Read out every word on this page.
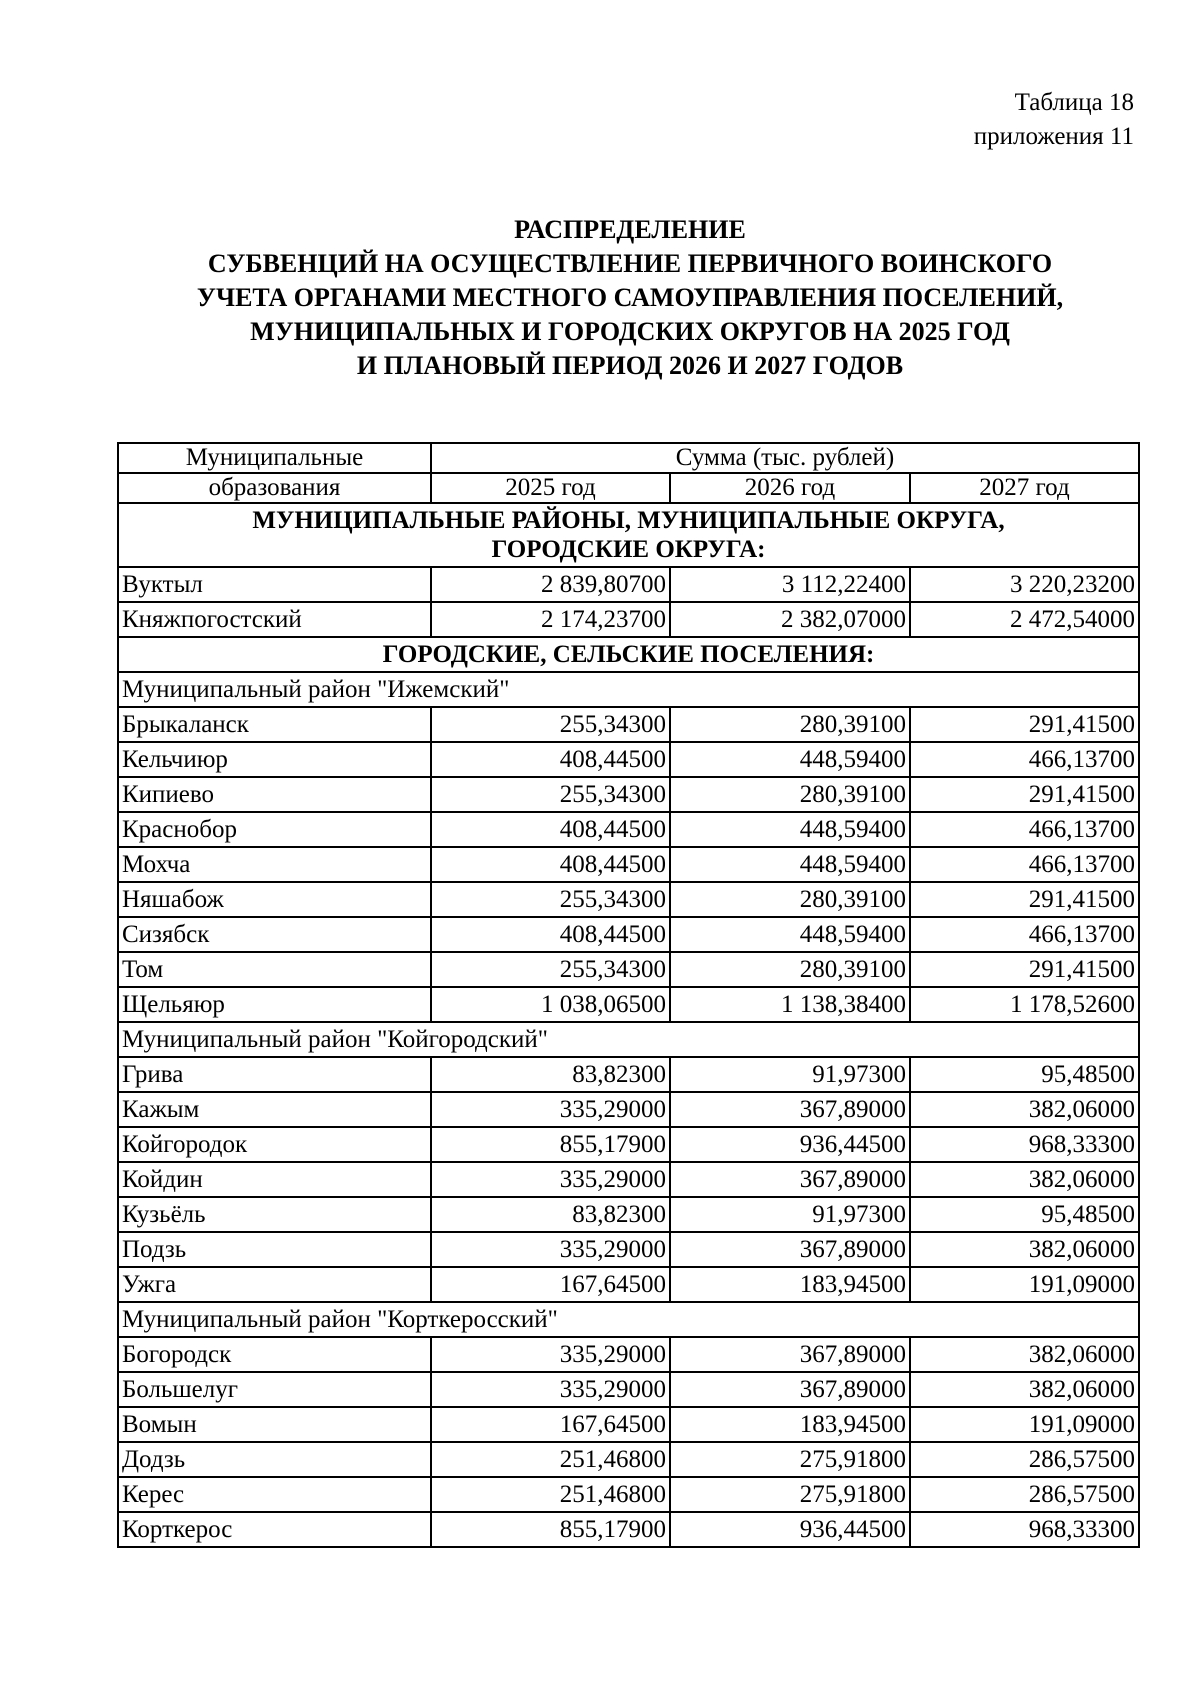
Таблица 18
приложения 11
РАСПРЕДЕЛЕНИЕ
СУБВЕНЦИЙ НА ОСУЩЕСТВЛЕНИЕ ПЕРВИЧНОГО ВОИНСКОГО
УЧЕТА ОРГАНАМИ МЕСТНОГО САМОУПРАВЛЕНИЯ ПОСЕЛЕНИЙ,
МУНИЦИПАЛЬНЫХ И ГОРОДСКИХ ОКРУГОВ НА 2025 ГОД
И ПЛАНОВЫЙ ПЕРИОД 2026 И 2027 ГОДОВ
Муниципальные	Сумма (тыс. рублей)		
образования	2025 год	2026 год	2027 год

МУНИЦИПАЛЬНЫЕ РАЙОНЫ, МУНИЦИПАЛЬНЫЕ ОКРУГА,
ГОРОДСКИЕ ОКРУГА:			

Вуктыл	2 839,80700	3 112,22400	3 220,23200
Княжпогостский	2 174,23700	2 382,07000	2 472,54000
ГОРОДСКИЕ, СЕЛЬСКИЕ ПОСЕЛЕНИЯ:			
Муниципальный район "Ижемский"			
Брыкаланск	255,34300	280,39100	291,41500
Кельчиюр	408,44500	448,59400	466,13700
Кипиево	255,34300	280,39100	291,41500
Краснобор	408,44500	448,59400	466,13700
Мохча	408,44500	448,59400	466,13700
Няшабож	255,34300	280,39100	291,41500
Сизябск	408,44500	448,59400	466,13700
Том	255,34300	280,39100	291,41500
Щельяюр	1 038,06500	1 138,38400	1 178,52600
Муниципальный район "Койгородский"			
Грива	83,82300	91,97300	95,48500
Кажым	335,29000	367,89000	382,06000
Койгородок	855,17900	936,44500	968,33300
Койдин	335,29000	367,89000	382,06000
Кузьёль	83,82300	91,97300	95,48500
Подзь	335,29000	367,89000	382,06000
Ужга	167,64500	183,94500	191,09000
Муниципальный район "Корткеросский"			
Богородск	335,29000	367,89000	382,06000
Большелуг	335,29000	367,89000	382,06000
Вомын	167,64500	183,94500	191,09000
Додзь	251,46800	275,91800	286,57500
Керес	251,46800	275,91800	286,57500
Корткерос	855,17900	936,44500	968,33300
